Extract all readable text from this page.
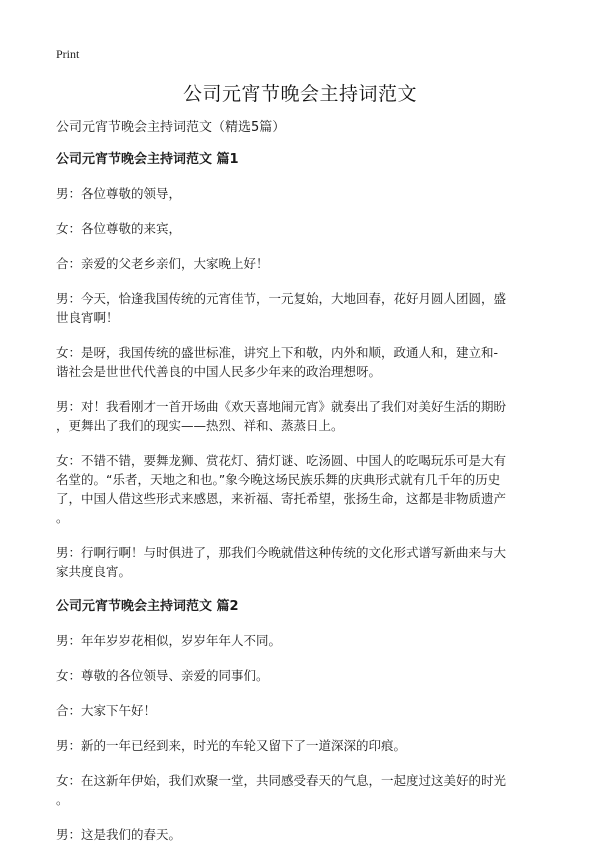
Print
公司元宵节晚会主持词范文
公司元宵节晚会主持词范文（精选5篇）
公司元宵节晚会主持词范文 篇1
男：各位尊敬的领导，
女：各位尊敬的来宾，
合：亲爱的父老乡亲们，大家晚上好！
男：今天，恰逢我国传统的元宵佳节，一元复始，大地回春，花好月圆人团圆，盛
世良宵啊！
女：是呀，我国传统的盛世标准，讲究上下和敬，内外和顺，政通人和，建立和-
谐社会是世世代代善良的中国人民多少年来的政治理想呀。
男：对！我看刚才一首开场曲《欢天喜地闹元宵》就奏出了我们对美好生活的期盼
，更舞出了我们的现实——热烈、祥和、蒸蒸日上。
女：不错不错，要舞龙狮、赏花灯、猜灯谜、吃汤圆、中国人的吃喝玩乐可是大有
名堂的。“乐者，天地之和也。”象今晚这场民族乐舞的庆典形式就有几千年的历史
了，中国人借这些形式来感恩，来祈福、寄托希望，张扬生命，这都是非物质遗产
。
男：行啊行啊！与时俱进了，那我们今晚就借这种传统的文化形式谱写新曲来与大
家共度良宵。
公司元宵节晚会主持词范文 篇2
男：年年岁岁花相似，岁岁年年人不同。
女：尊敬的各位领导、亲爱的同事们。
合：大家下午好！
男：新的一年已经到来，时光的车轮又留下了一道深深的印痕。
女：在这新年伊始，我们欢聚一堂，共同感受春天的气息，一起度过这美好的时光
。
男：这是我们的春天。
